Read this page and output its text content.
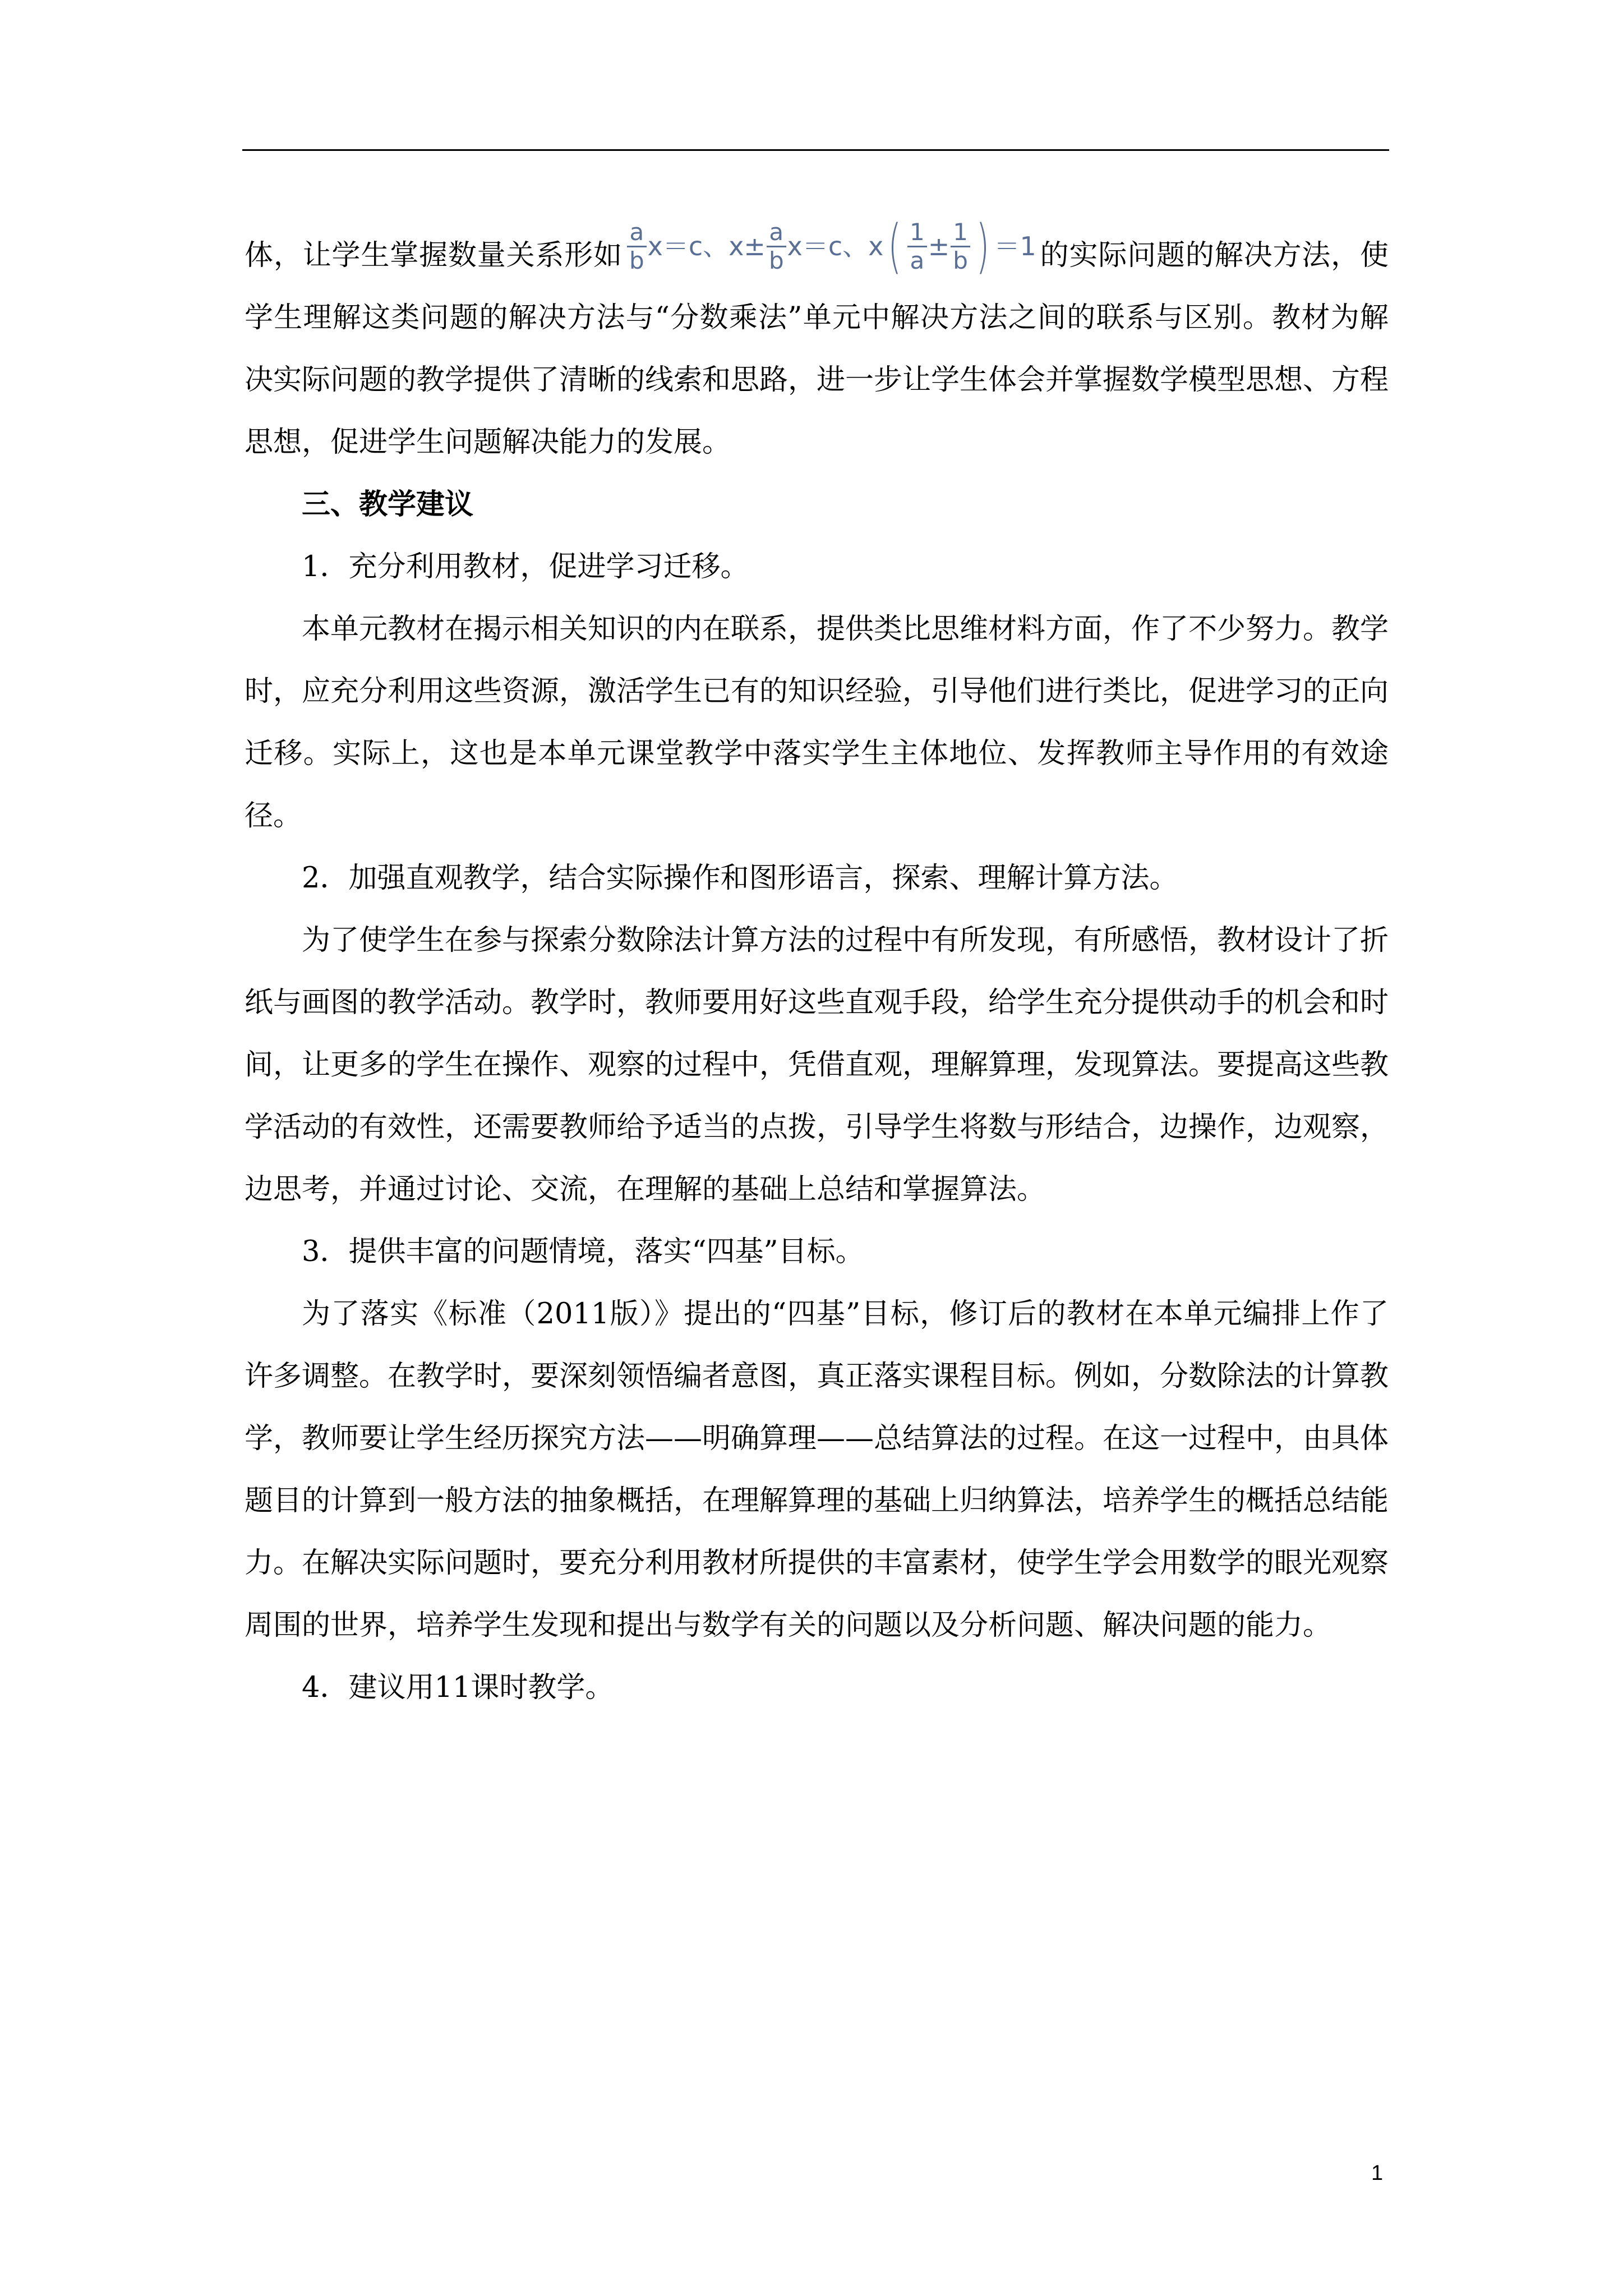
体，让学生掌握数量关系形如 $\frac{a}{b} x=c$、$x\pm \frac{a}{b} x=c$、$x( \frac{1}{a} \pm \frac{1}{b}$ ) ＝1 的实际问题的解决方法，使学生理解这类问题的解决方法与“分数乘法”单元中解决方法之间的联系与区别。教材为解决实际问题的教学提供了清晰的线索和思路，进一步让学生体会并掌握数学模型思想、方程思想，促进学生问题解决能力的发展。

三、教学建议

1．充分利用教材，促进学习迁移。

本单元教材在揭示相关知识的内在联系，提供类比思维材料方面，作了不少努力。教学时，应充分利用这些资源，激活学生已有的知识经验，引导他们进行类比，促进学习的正向迁移。实际上，这也是本单元课堂教学中落实学生主体地位、发挥教师主导作用的有效途径。

2．加强直观教学，结合实际操作和图形语言，探索、理解计算方法。

为了使学生在参与探索分数除法计算方法的过程中有所发现，有所感悟，教材设计了折纸与画图的教学活动。教学时，教师要用好这些直观手段，给学生充分提供动手的机会和时间，让更多的学生在操作、观察的过程中，凭借直观，理解算理，发现算法。要提高这些教学活动的有效性，还需要教师给予适当的点拨，引导学生将数与形结合，边操作，边观察，边思考，并通过讨论、交流，在理解的基础上总结和掌握算法。

3．提供丰富的问题情境，落实“四基”目标。

为了落实《标准（2011版）》提出的“四基”目标，修订后的教材在本单元编排上作了许多调整。在教学时，要深刻领悟编者意图，真正落实课程目标。例如，分数除法的计算教学，教师要让学生经历探究方法——明确算理——总结算法的过程。在这一过程中，由具体题目的计算到一般方法的抽象概括，在理解算理的基础上归纳算法，培养学生的概括总结能力。在解决实际问题时，要充分利用教材所提供的丰富素材，使学生学会用数学的眼光观察周围的世界，培养学生发现和提出与数学有关的问题以及分析问题、解决问题的能力。

4．建议用11课时教学。

1
